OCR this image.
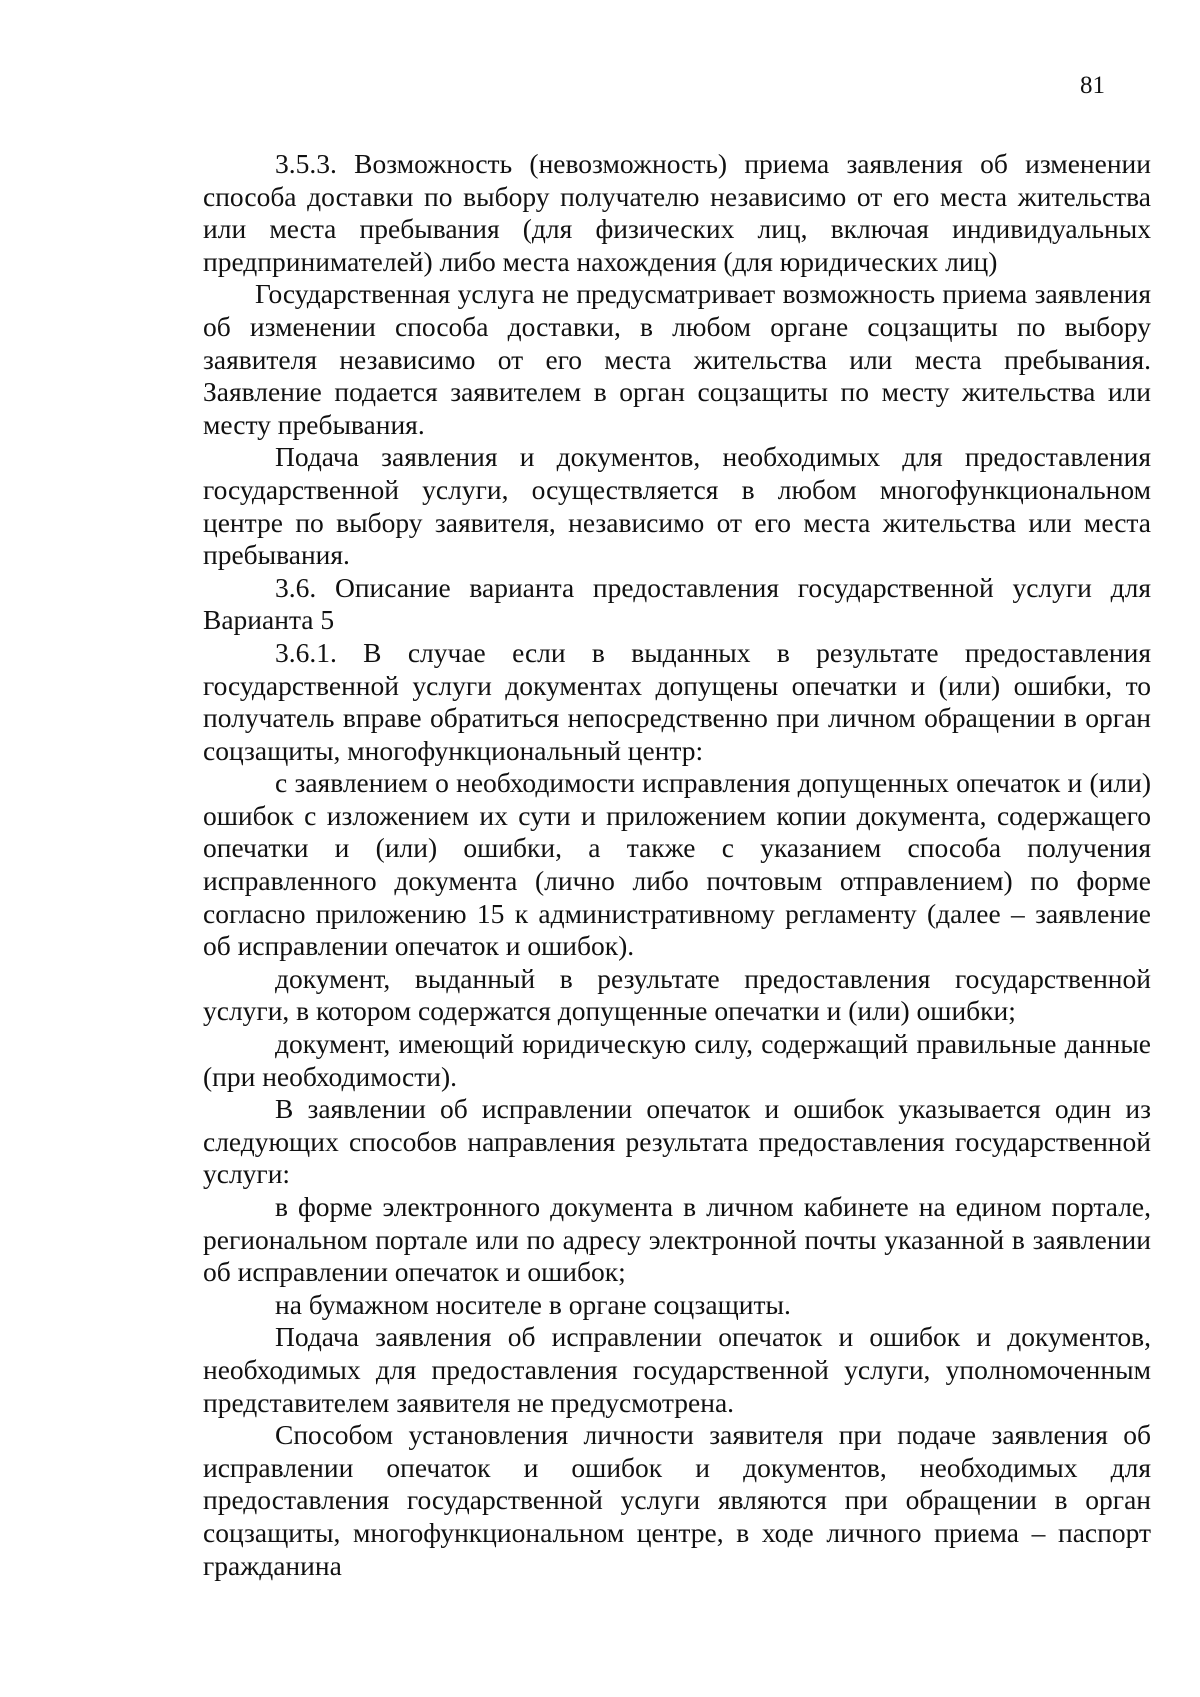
81

3.5.3. Возможность (невозможность) приема заявления об изменении способа доставки по выбору получателю независимо от его места жительства или места пребывания (для физических лиц, включая индивидуальных предпринимателей) либо места нахождения (для юридических лиц)

Государственная услуга не предусматривает возможность приема заявления об изменении способа доставки, в любом органе соцзащиты по выбору заявителя независимо от его места жительства или места пребывания. Заявление подается заявителем в орган соцзащиты по месту жительства или месту пребывания.

Подача заявления и документов, необходимых для предоставления государственной услуги, осуществляется в любом многофункциональном центре по выбору заявителя, независимо от его места жительства или места пребывания.

3.6. Описание варианта предоставления государственной услуги для Варианта 5

3.6.1. В случае если в выданных в результате предоставления государственной услуги документах допущены опечатки и (или) ошибки, то получатель вправе обратиться непосредственно при личном обращении в орган соцзащиты, многофункциональный центр:

с заявлением о необходимости исправления допущенных опечаток и (или) ошибок с изложением их сути и приложением копии документа, содержащего опечатки и (или) ошибки, а также с указанием способа получения исправленного документа (лично либо почтовым отправлением) по форме согласно приложению 15 к административному регламенту (далее – заявление об исправлении опечаток и ошибок).

документ, выданный в результате предоставления государственной услуги, в котором содержатся допущенные опечатки и (или) ошибки;

документ, имеющий юридическую силу, содержащий правильные данные (при необходимости).

В заявлении об исправлении опечаток и ошибок указывается один из следующих способов направления результата предоставления государственной услуги:

в форме электронного документа в личном кабинете на едином портале, региональном портале или по адресу электронной почты указанной в заявлении об исправлении опечаток и ошибок;

на бумажном носителе в органе соцзащиты.

Подача заявления об исправлении опечаток и ошибок и документов, необходимых для предоставления государственной услуги, уполномоченным представителем заявителя не предусмотрена.

Способом установления личности заявителя при подаче заявления об исправлении опечаток и ошибок и документов, необходимых для предоставления государственной услуги являются при обращении в орган соцзащиты, многофункциональном центре, в ходе личного приема – паспорт гражданина
